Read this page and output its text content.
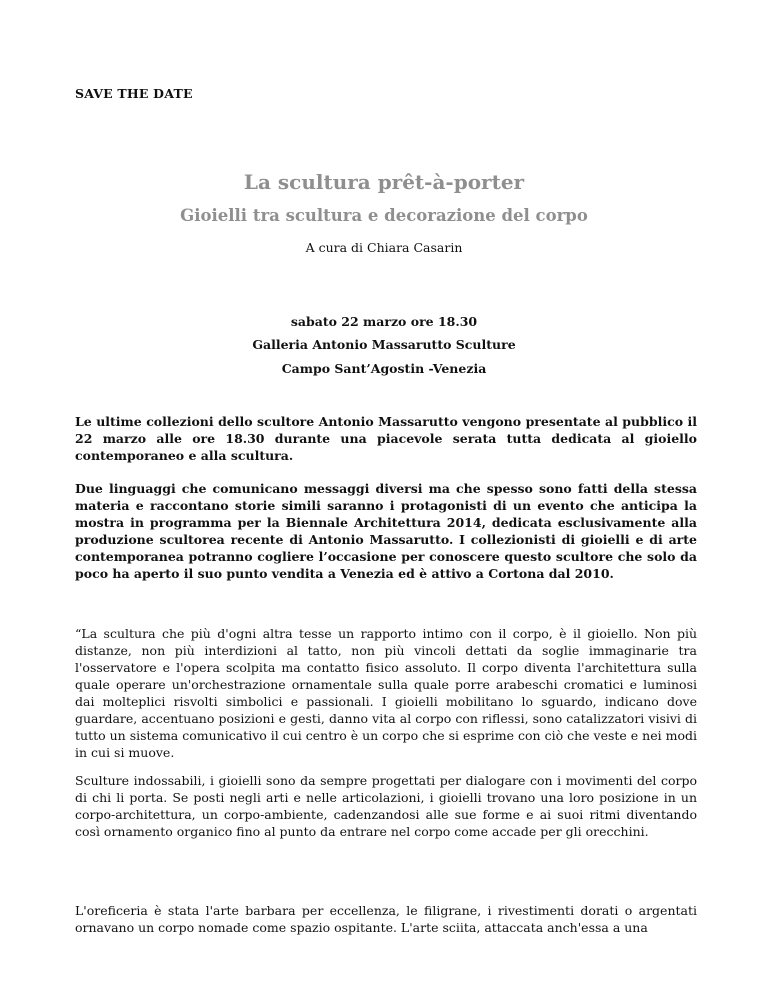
SAVE THE DATE
La scultura prêt-à-porter
Gioielli tra scultura e decorazione del corpo
A cura di Chiara Casarin
sabato 22 marzo ore 18.30
Galleria Antonio Massarutto Sculture
Campo Sant’Agostin -Venezia

Le ultime collezioni dello scultore Antonio Massarutto vengono presentate al pubblico il 22 marzo alle ore 18.30 durante una piacevole serata tutta dedicata al gioiello contemporaneo e alla scultura.

Due linguaggi che comunicano messaggi diversi ma che spesso sono fatti della stessa materia e raccontano storie simili saranno i protagonisti di un evento che anticipa la mostra in programma per la Biennale Architettura 2014, dedicata esclusivamente alla produzione scultorea recente di Antonio Massarutto. I collezionisti di gioielli e di arte contemporanea potranno cogliere l’occasione per conoscere questo scultore che solo da poco ha aperto il suo punto vendita a Venezia ed è attivo a Cortona dal 2010.

“La scultura che più d'ogni altra tesse un rapporto intimo con il corpo, è il gioiello. Non più distanze, non più interdizioni al tatto, non più vincoli dettati da soglie immaginarie tra l'osservatore e l'opera scolpita ma contatto fisico assoluto. Il corpo diventa l'architettura sulla quale operare un'orchestrazione ornamentale sulla quale porre arabeschi cromatici e luminosi dai molteplici risvolti simbolici e passionali. I gioielli mobilitano lo sguardo, indicano dove guardare, accentuano posizioni e gesti, danno vita al corpo con riflessi, sono catalizzatori visivi di tutto un sistema comunicativo il cui centro è un corpo che si esprime con ciò che veste e nei modi in cui si muove.

Sculture indossabili, i gioielli sono da sempre progettati per dialogare con i movimenti del corpo di chi li porta. Se posti negli arti e nelle articolazioni, i gioielli trovano una loro posizione in un corpo-architettura, un corpo-ambiente, cadenzandosi alle sue forme e ai suoi ritmi diventando così ornamento organico fino al punto da entrare nel corpo come accade per gli orecchini.

L'oreficeria è stata l'arte barbara per eccellenza, le filigrane, i rivestimenti dorati o argentati ornavano un corpo nomade come spazio ospitante. L'arte sciita, attaccata anch'essa a una
